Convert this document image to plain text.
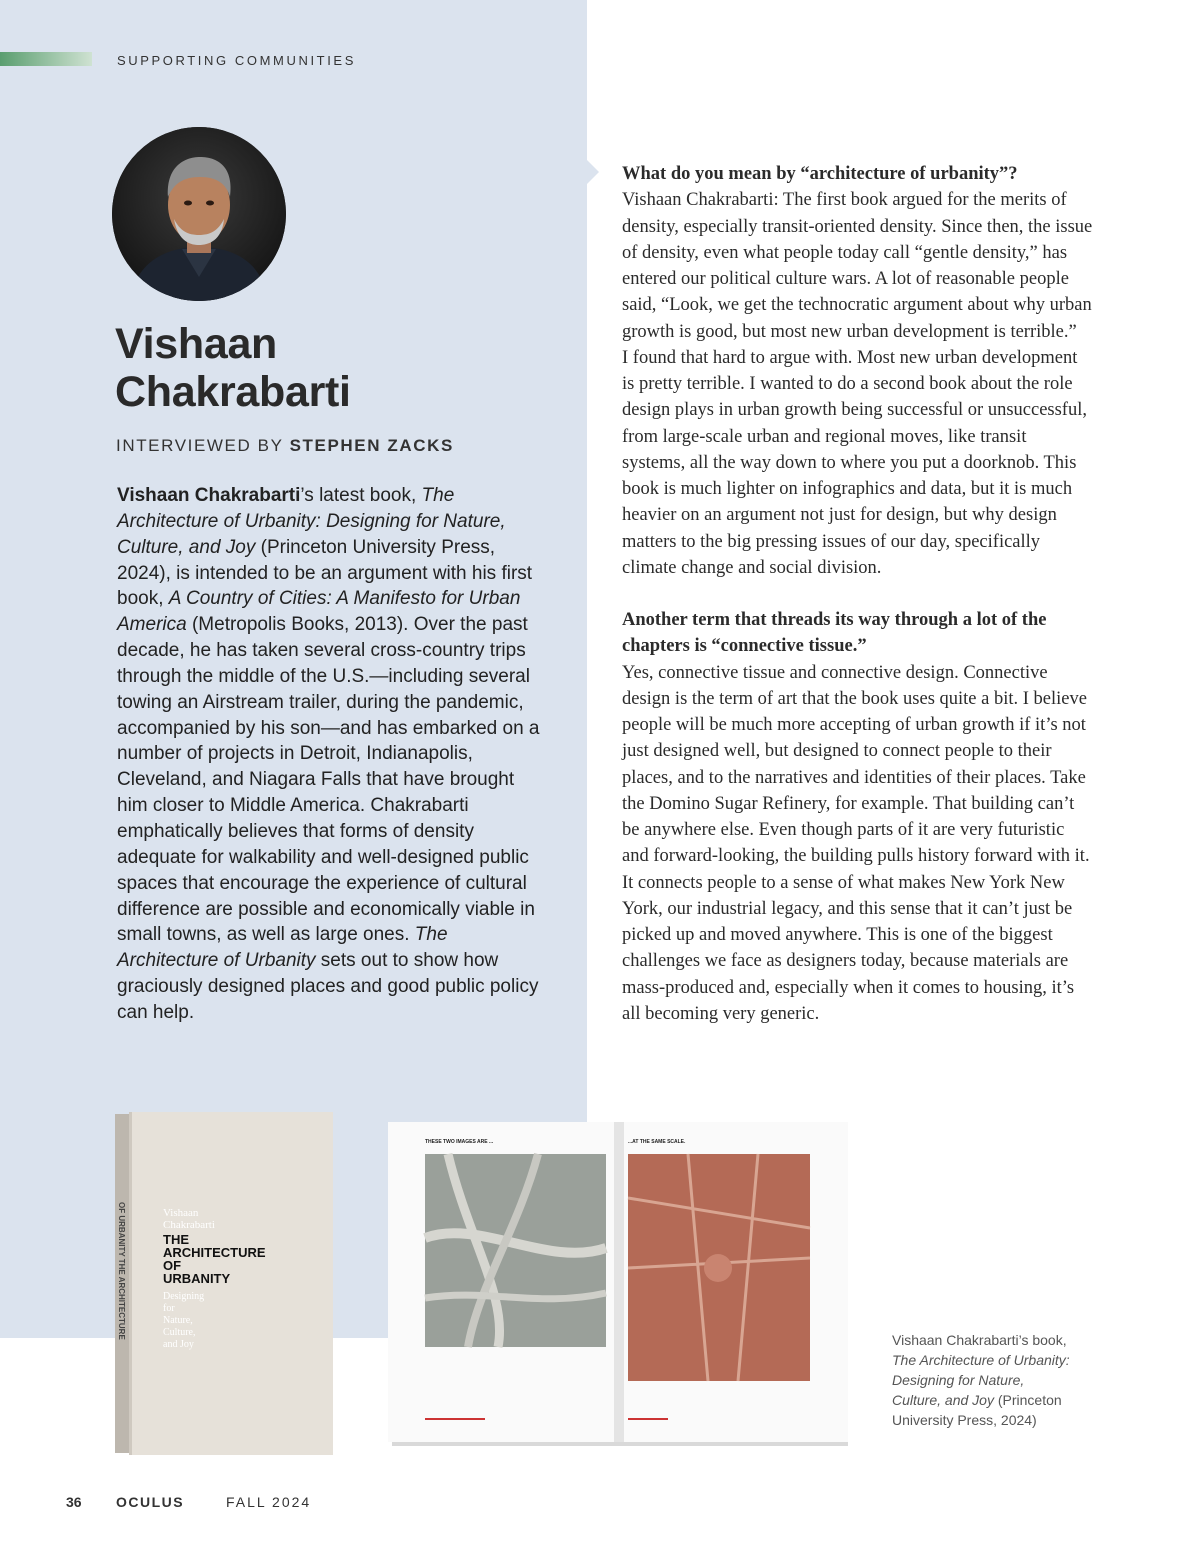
SUPPORTING COMMUNITIES
Vishaan
Chakrabarti
INTERVIEWED BY STEPHEN ZACKS

Vishaan Chakrabarti’s latest book, The Architecture of Urbanity: Designing for Nature, Culture, and Joy (Princeton University Press, 2024), is intended to be an argument with his first book, A Country of Cities: A Manifesto for Urban America (Metropolis Books, 2013). Over the past decade, he has taken several cross-country trips through the middle of the U.S.—including several towing an Airstream trailer, during the pandemic, accompanied by his son—and has embarked on a number of projects in Detroit, Indianapolis, Cleveland, and Niagara Falls that have brought him closer to Middle America. Chakrabarti emphatically believes that forms of density adequate for walkability and well-designed public spaces that encourage the experience of cultural difference are possible and economically viable in small towns, as well as large ones. The Architecture of Urbanity sets out to show how graciously designed places and good public policy can help.

What do you mean by “architecture of urbanity”?

Vishaan Chakrabarti: The first book argued for the merits of density, especially transit-oriented density. Since then, the issue of density, even what people today call “gentle density,” has entered our political culture wars. A lot of reasonable people said, “Look, we get the technocratic argument about why urban growth is good, but most new urban development is terrible.”

I found that hard to argue with. Most new urban development is pretty terrible. I wanted to do a second book about the role design plays in urban growth being successful or unsuccessful, from large-scale urban and regional moves, like transit systems, all the way down to where you put a doorknob. This book is much lighter on infographics and data, but it is much heavier on an argument not just for design, but why design matters to the big pressing issues of our day, specifically climate change and social division.

Another term that threads its way through a lot of the chapters is “connective tissue.”

Yes, connective tissue and connective design. Connective design is the term of art that the book uses quite a bit. I believe people will be much more accepting of urban growth if it’s not just designed well, but designed to connect people to their places, and to the narratives and identities of their places. Take the Domino Sugar Refinery, for example. That building can’t be anywhere else. Even though parts of it are very futuristic and forward-looking, the building pulls history forward with it. It connects people to a sense of what makes New York New York, our industrial legacy, and this sense that it can’t just be picked up and moved anywhere. This is one of the biggest challenges we face as designers today, because materials are mass-produced and, especially when it comes to housing, it’s all becoming very generic.

Vishaan
Chakrabarti
THE
ARCHITECTURE
OF
URBANITY
Designing
for
Nature,
Culture,
and Joy
OF URBANITY THE ARCHITECTURE
THESE TWO IMAGES ARE ...	...AT THE SAME SCALE.

Vishaan Chakrabarti’s book, The Architecture of Urbanity: Designing for Nature, Culture, and Joy (Princeton University Press, 2024)

36 OCULUS	FALL 2024
